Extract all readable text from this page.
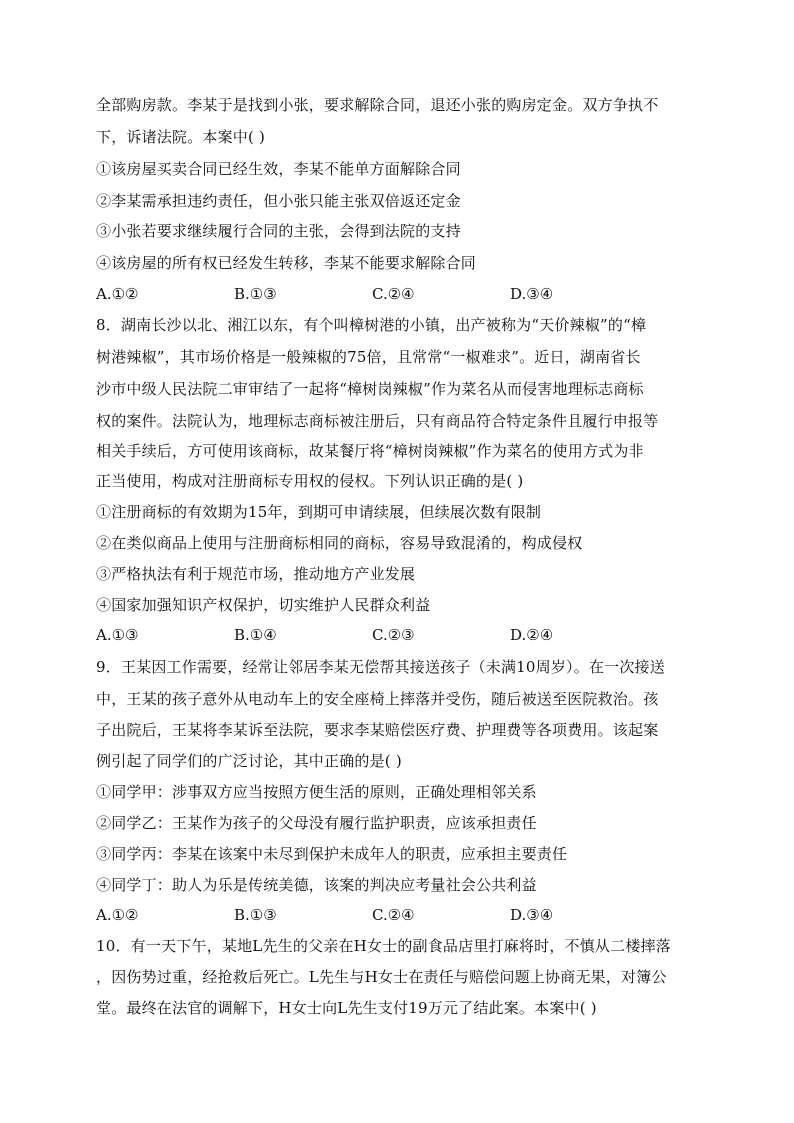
全部购房款。李某于是找到小张，要求解除合同，退还小张的购房定金。双方争执不
下，诉诸法院。本案中( )
①该房屋买卖合同已经生效，李某不能单方面解除合同
②李某需承担违约责任，但小张只能主张双倍返还定金
③小张若要求继续履行合同的主张，会得到法院的支持
④该房屋的所有权已经发生转移，李某不能要求解除合同
A.①②	B.①③	C.②④	D.③④
8．湖南长沙以北、湘江以东，有个叫樟树港的小镇，出产被称为“天价辣椒”的“樟
树港辣椒”，其市场价格是一般辣椒的75倍，且常常“一椒难求”。近日，湖南省长
沙市中级人民法院二审审结了一起将“樟树岗辣椒”作为菜名从而侵害地理标志商标
权的案件。法院认为，地理标志商标被注册后，只有商品符合特定条件且履行申报等
相关手续后，方可使用该商标，故某餐厅将“樟树岗辣椒”作为菜名的使用方式为非
正当使用，构成对注册商标专用权的侵权。下列认识正确的是( )
①注册商标的有效期为15年，到期可申请续展，但续展次数有限制
②在类似商品上使用与注册商标相同的商标，容易导致混淆的，构成侵权
③严格执法有利于规范市场，推动地方产业发展
④国家加强知识产权保护，切实维护人民群众利益
A.①③	B.①④	C.②③	D.②④
9．王某因工作需要，经常让邻居李某无偿帮其接送孩子（未满10周岁）。在一次接送
中，王某的孩子意外从电动车上的安全座椅上摔落并受伤，随后被送至医院救治。孩
子出院后，王某将李某诉至法院，要求李某赔偿医疗费、护理费等各项费用。该起案
例引起了同学们的广泛讨论，其中正确的是( )
①同学甲：涉事双方应当按照方便生活的原则，正确处理相邻关系
②同学乙：王某作为孩子的父母没有履行监护职责，应该承担责任
③同学丙：李某在该案中未尽到保护未成年人的职责，应承担主要责任
④同学丁：助人为乐是传统美德，该案的判决应考量社会公共利益
A.①②	B.①③	C.②④	D.③④
10．有一天下午，某地L先生的父亲在H女士的副食品店里打麻将时，不慎从二楼摔落
，因伤势过重，经抢救后死亡。L先生与H女士在责任与赔偿问题上协商无果，对簿公
堂。最终在法官的调解下，H女士向L先生支付19万元了结此案。本案中( )
